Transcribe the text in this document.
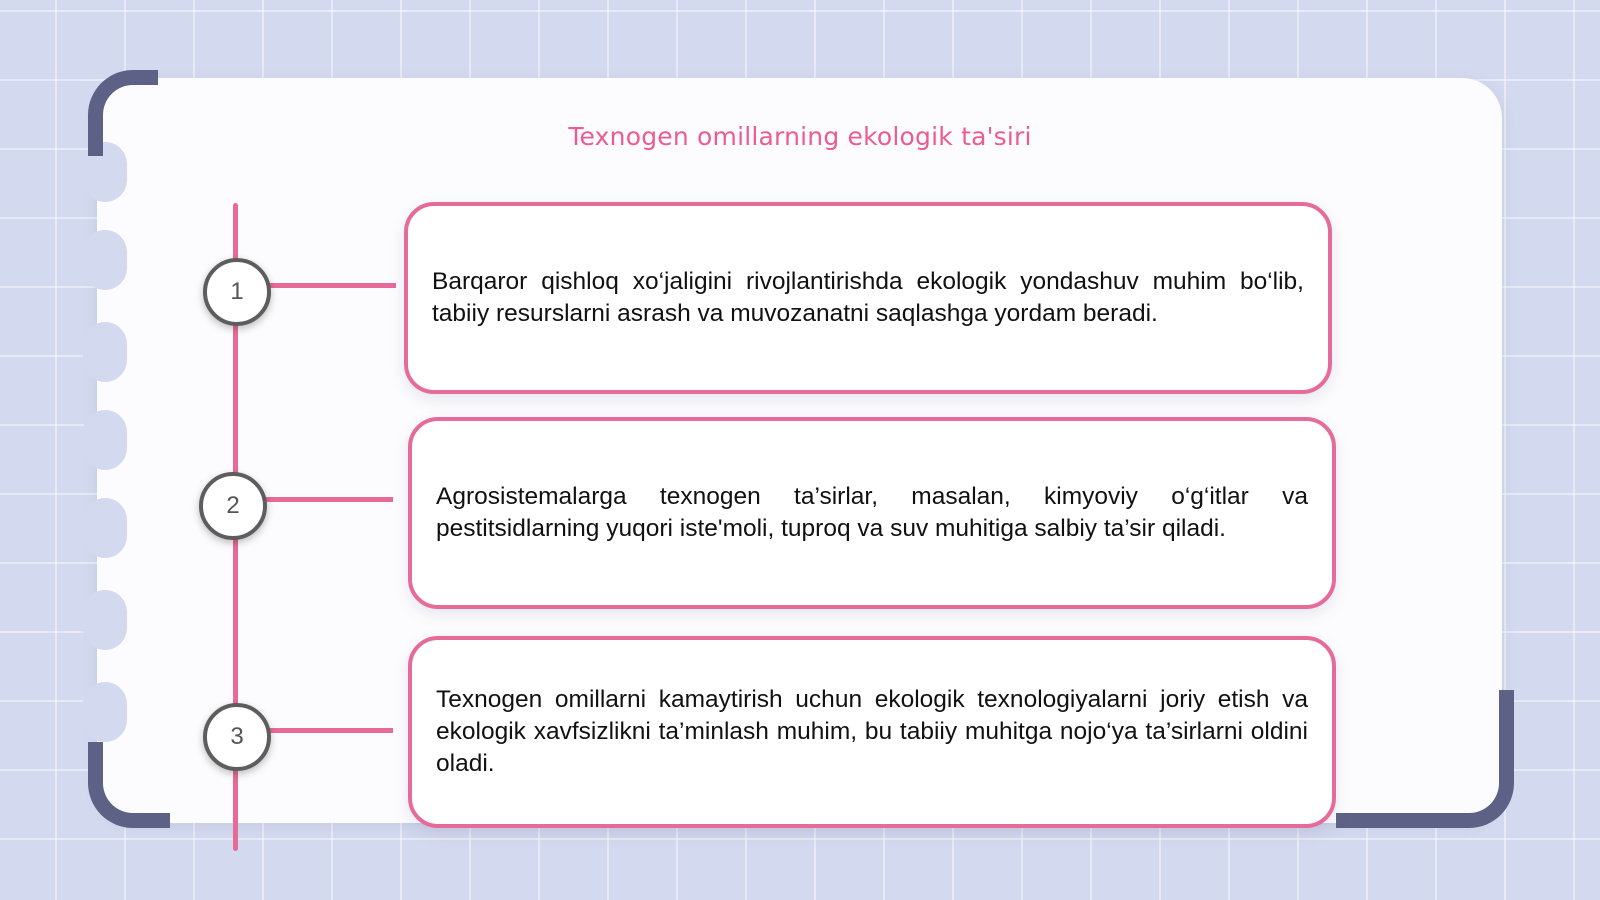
Texnogen omillarning ekologik ta'siri
1	Barqaror qishloq xo‘jaligini rivojlantirishda ekologik yondashuv muhim bo‘lib, tabiiy resurslarni asrash va muvozanatni saqlashga yordam beradi.
2	Agrosistemalarga texnogen ta’sirlar, masalan, kimyoviy o‘g‘itlar va pestitsidlarning yuqori iste'moli, tuproq va suv muhitiga salbiy ta’sir qiladi.
3
Texnogen omillarni kamaytirish uchun ekologik texnologiyalarni joriy etish va ekologik xavfsizlikni ta’minlash muhim, bu tabiiy muhitga nojo‘ya ta’sirlarni oldini oladi.
